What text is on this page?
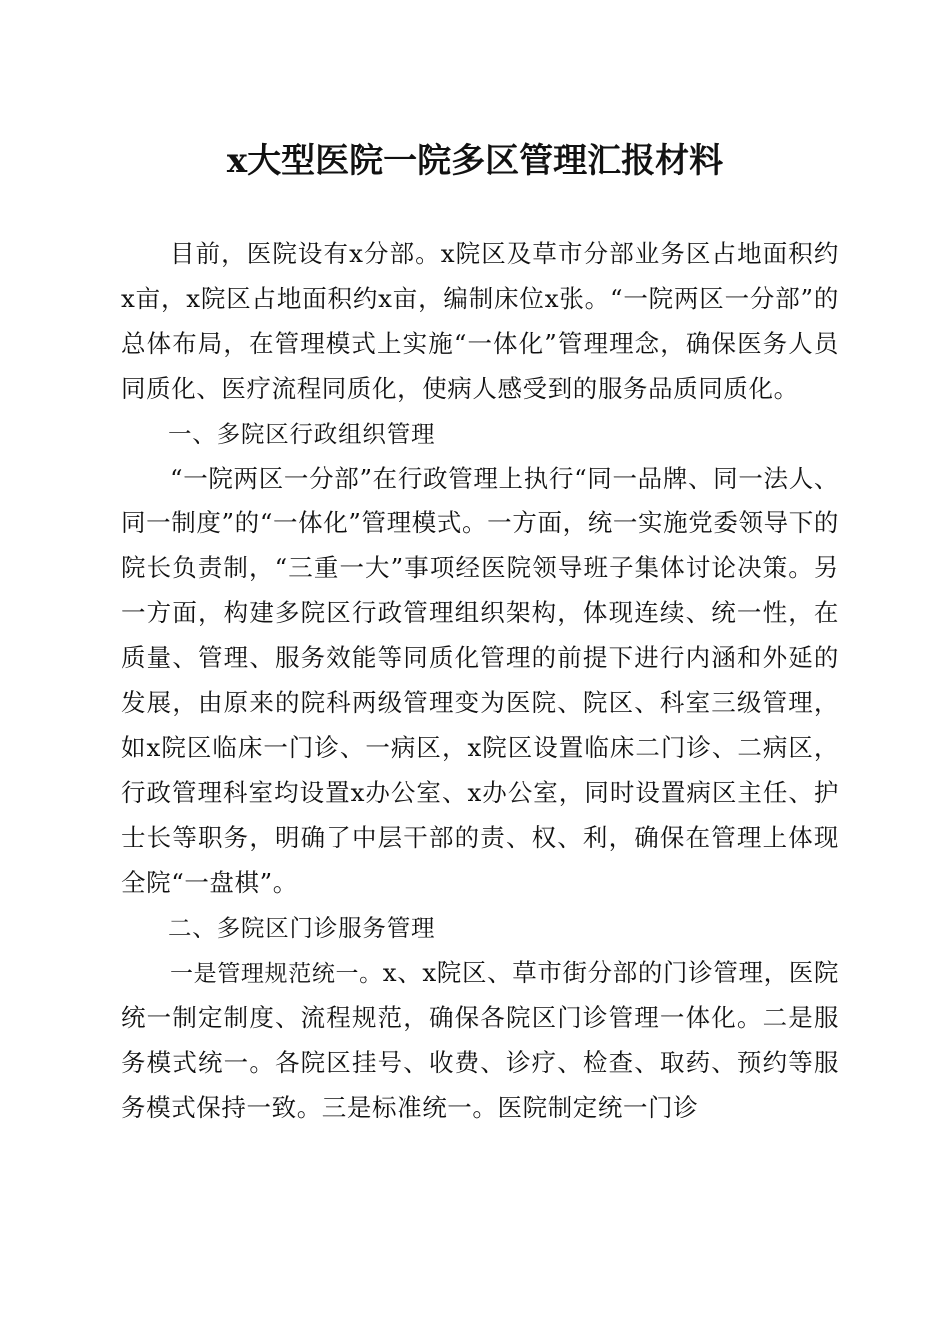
x大型医院一院多区管理汇报材料

目前，医院设有x分部。x院区及草市分部业务区占地面积约x亩，x院区占地面积约x亩，编制床位x张。“一院两区一分部”的总体布局，在管理模式上实施“一体化”管理理念，确保医务人员同质化、医疗流程同质化，使病人感受到的服务品质同质化。

一、多院区行政组织管理

“一院两区一分部”在行政管理上执行“同一品牌、同一法人、同一制度”的“一体化”管理模式。一方面，统一实施党委领导下的院长负责制，“三重一大”事项经医院领导班子集体讨论决策。另一方面，构建多院区行政管理组织架构，体现连续、统一性，在质量、管理、服务效能等同质化管理的前提下进行内涵和外延的发展，由原来的院科两级管理变为医院、院区、科室三级管理，如x院区临床一门诊、一病区，x院区设置临床二门诊、二病区，行政管理科室均设置x办公室、x办公室，同时设置病区主任、护士长等职务，明确了中层干部的责、权、利，确保在管理上体现全院“一盘棋”。

二、多院区门诊服务管理

一是管理规范统一。x、x院区、草市街分部的门诊管理，医院统一制定制度、流程规范，确保各院区门诊管理一体化。二是服务模式统一。各院区挂号、收费、诊疗、检查、取药、预约等服务模式保持一致。三是标准统一。医院制定统一门诊
